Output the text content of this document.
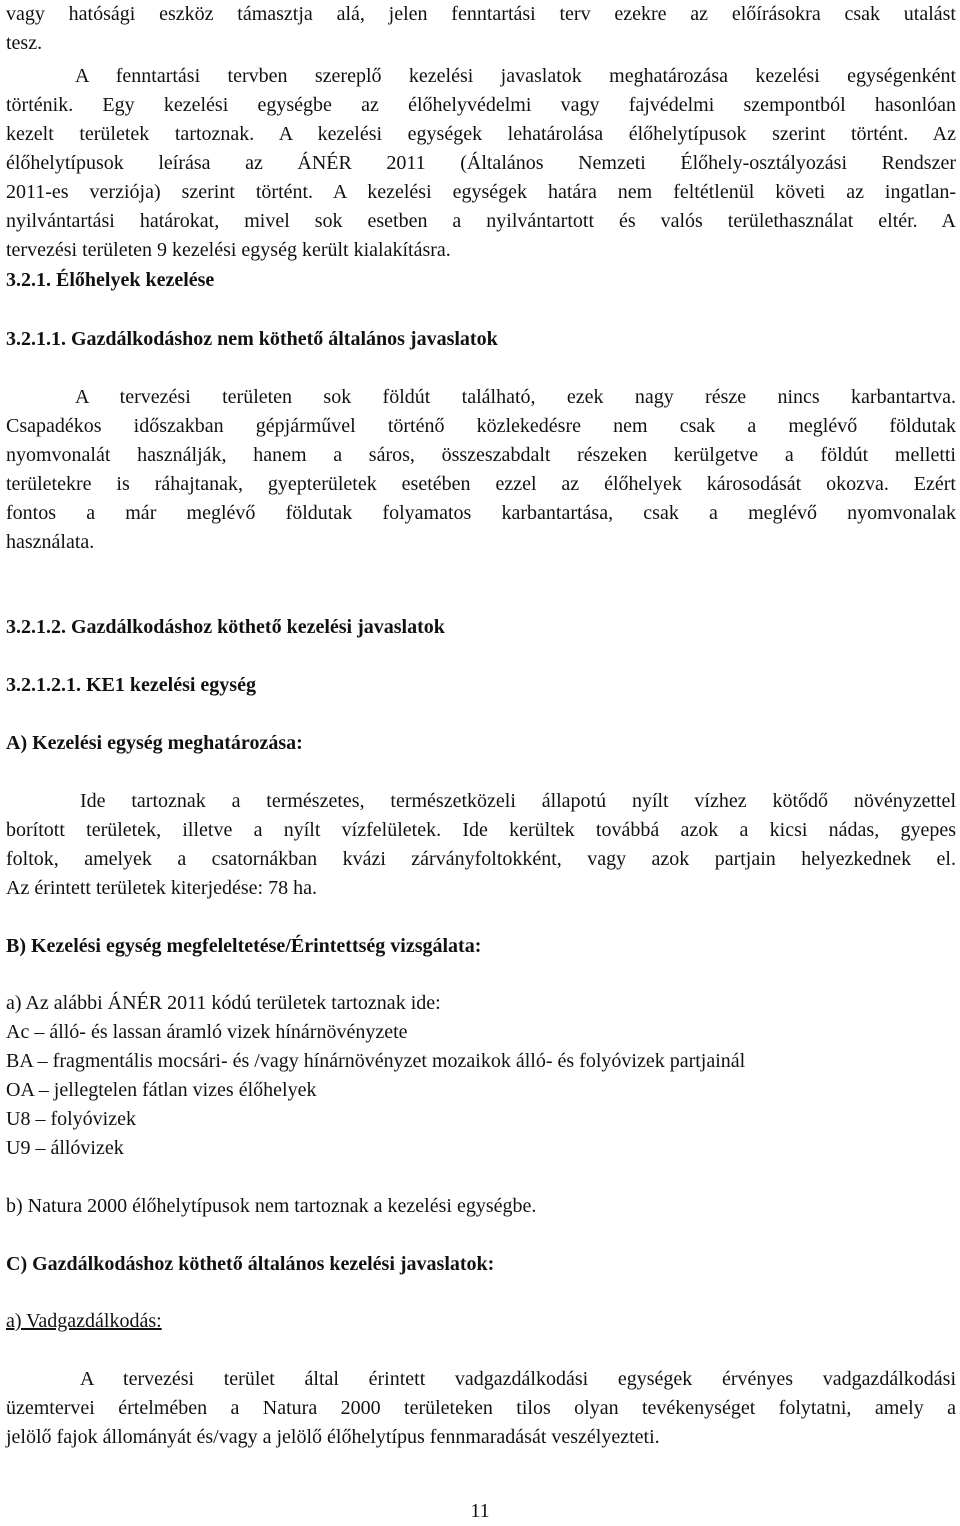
vagy hatósági eszköz támasztja alá, jelen fenntartási terv ezekre az előírásokra csak utalást
tesz.
A fenntartási tervben szereplő kezelési javaslatok meghatározása kezelési egységenként
történik. Egy kezelési egységbe az élőhelyvédelmi vagy fajvédelmi szempontból hasonlóan
kezelt területek tartoznak. A kezelési egységek lehatárolása élőhelytípusok szerint történt. Az
élőhelytípusok leírása az ÁNÉR 2011 (Általános Nemzeti Élőhely-osztályozási Rendszer
2011-es verziója) szerint történt. A kezelési egységek határa nem feltétlenül követi az ingatlan-
nyilvántartási határokat, mivel sok esetben a nyilvántartott és valós területhasználat eltér. A
tervezési területen 9 kezelési egység került kialakításra.

3.2.1. Élőhelyek kezelése

3.2.1.1. Gazdálkodáshoz nem köthető általános javaslatok

A tervezési területen sok földút található, ezek nagy része nincs karbantartva.
Csapadékos időszakban gépjárművel történő közlekedésre nem csak a meglévő földutak
nyomvonalát használják, hanem a sáros, összeszabdalt részeken kerülgetve a földút melletti
területekre is ráhajtanak, gyepterületek esetében ezzel az élőhelyek károsodását okozva. Ezért
fontos a már meglévő földutak folyamatos karbantartása, csak a meglévő nyomvonalak
használata.

3.2.1.2. Gazdálkodáshoz köthető kezelési javaslatok

3.2.1.2.1. KE1 kezelési egység

A) Kezelési egység meghatározása:

Ide tartoznak a természetes, természetközeli állapotú nyílt vízhez kötődő növényzettel
borított területek, illetve a nyílt vízfelületek. Ide kerültek továbbá azok a kicsi nádas, gyepes
foltok, amelyek a csatornákban kvázi zárványfoltokként, vagy azok partjain helyezkednek el.
Az érintett területek kiterjedése: 78 ha.

B) Kezelési egység megfeleltetése/Érintettség vizsgálata:

a) Az alábbi ÁNÉR 2011 kódú területek tartoznak ide:

Ac – álló- és lassan áramló vizek hínárnövényzete

BA – fragmentális mocsári- és /vagy hínárnövényzet mozaikok álló- és folyóvizek partjainál

OA – jellegtelen fátlan vizes élőhelyek

U8 – folyóvizek

U9 – állóvizek

b) Natura 2000 élőhelytípusok nem tartoznak a kezelési egységbe.

C) Gazdálkodáshoz köthető általános kezelési javaslatok:

a) Vadgazdálkodás:

A tervezési terület által érintett vadgazdálkodási egységek érvényes vadgazdálkodási
üzemtervei értelmében a Natura 2000 területeken tilos olyan tevékenységet folytatni, amely a
jelölő fajok állományát és/vagy a jelölő élőhelytípus fennmaradását veszélyezteti.
11
